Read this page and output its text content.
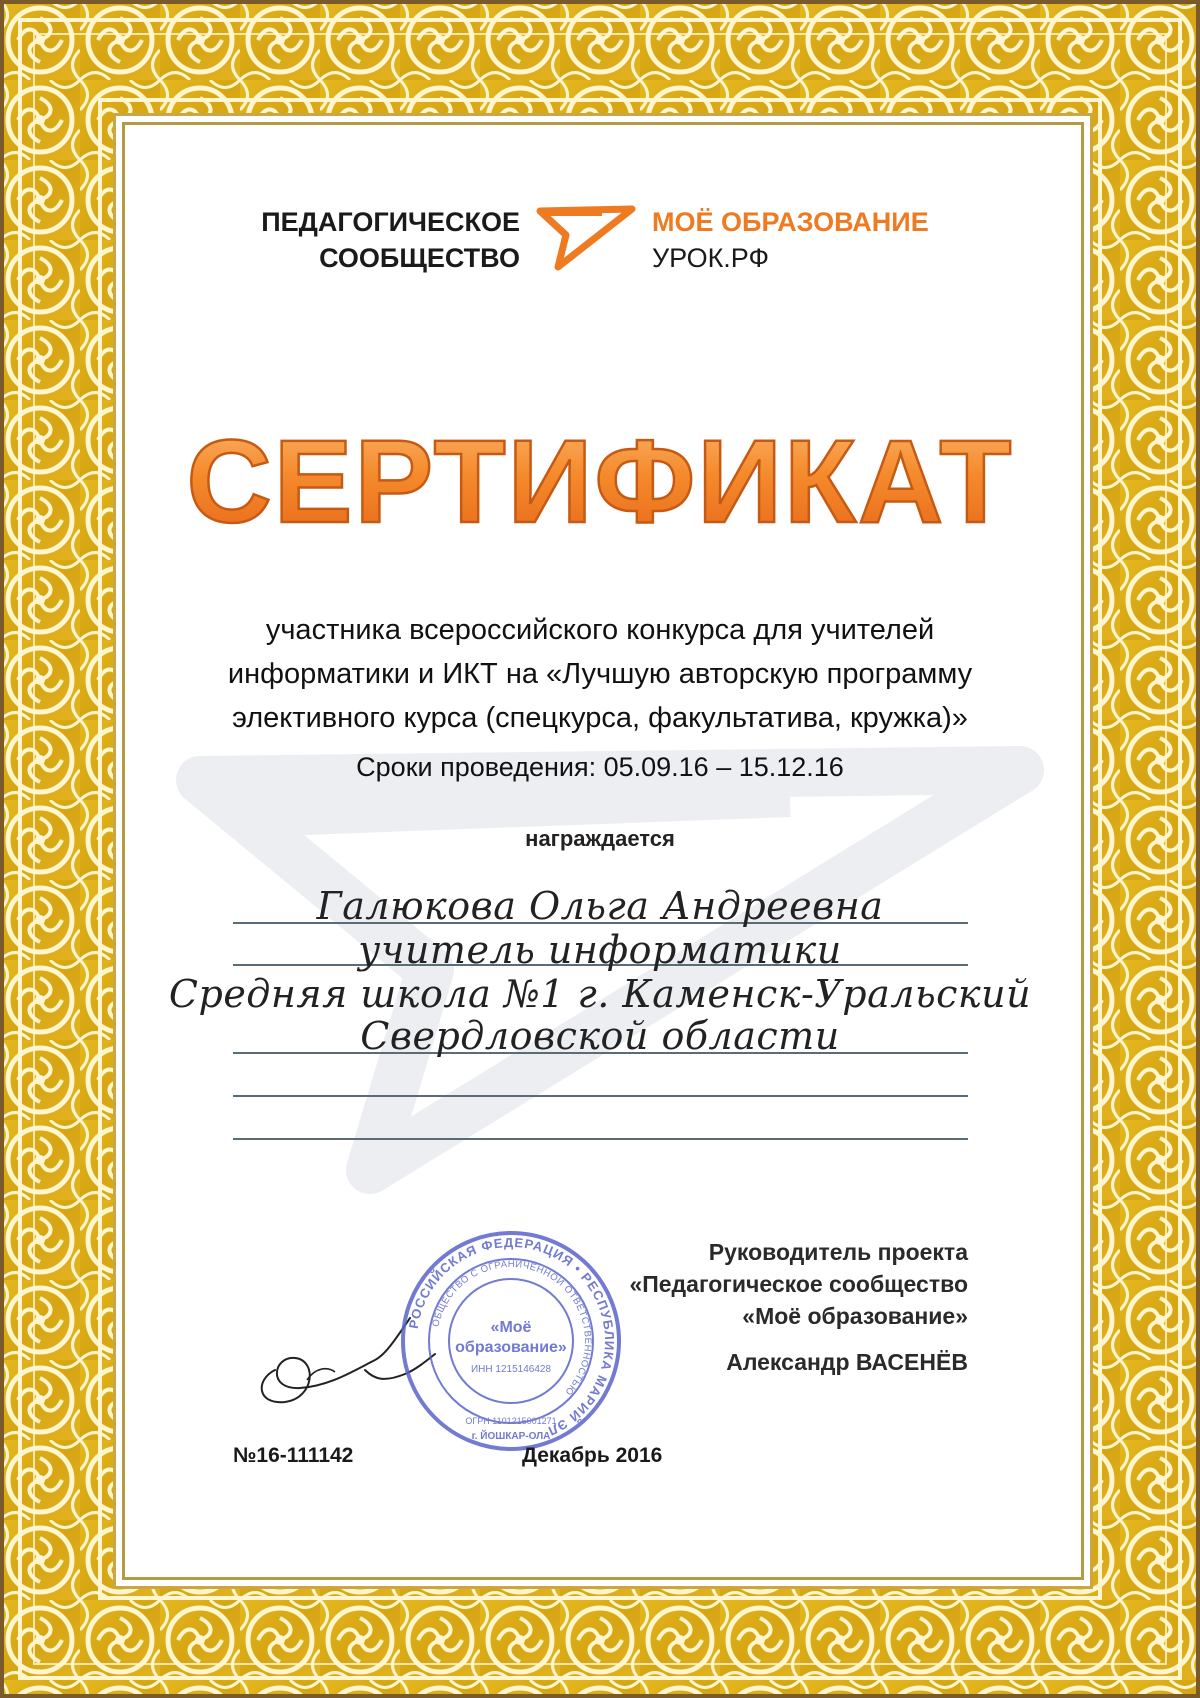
ПЕДАГОГИЧЕСКОЕ
СООБЩЕСТВО
МОЁ ОБРАЗОВАНИЕ
УРОК.РФ
СЕРТИФИКАТ
участника всероссийского конкурса для учителей
информатики и ИКТ на «Лучшую авторскую программу
элективного курса (спецкурса, факультатива, кружка)»
Сроки проведения: 05.09.16 – 15.12.16
награждается
Галюкова Ольга Андреевна
учитель информатики
Средняя школа №1 г. Каменск-Уральский
Свердловской области
РОССИЙСКАЯ ФЕДЕРАЦИЯ • РЕСПУБЛИКА МАРИЙ ЭЛ
ОБЩЕСТВО С ОГРАНИЧЕННОЙ ОТВЕТСТВЕННОСТЬЮ
«Моё
образование»
ИНН 1215146428
ОГРН 1101215001271
г. ЙОШКАР-ОЛА
Руководитель проекта
«Педагогическое сообщество
«Моё образование»
Александр ВАСЕНЁВ
№16-111142	Декабрь 2016
